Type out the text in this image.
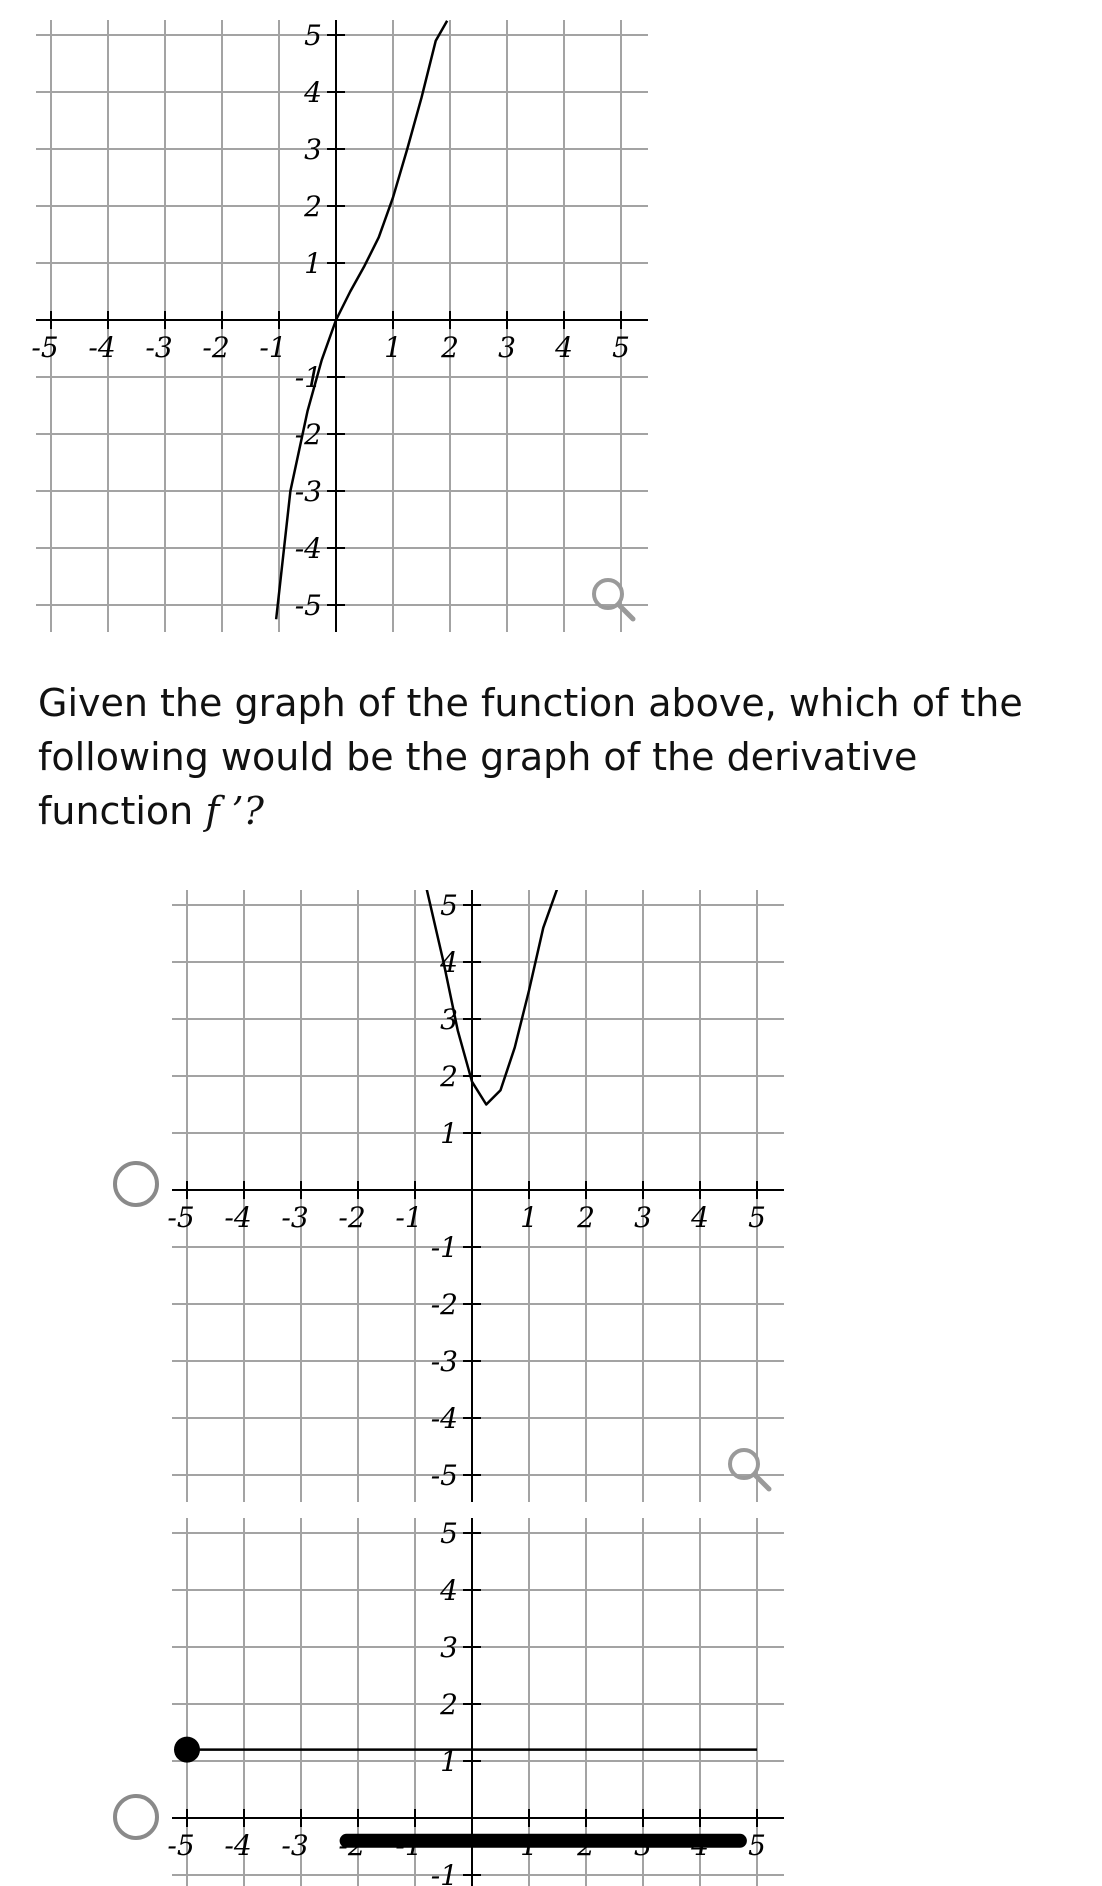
-5 -4 -3 -2 -1	1 2 3 4 5
5
4
3
2
1
-1
-2
-3
-4
-5
Given the graph of the function above, which of the following would be the graph of the derivative function f ’?
-5 -4 -3 -2 -1	1 2 3 4 5
5
4
3
2
1
-1
-2
-3
-4
-5
-5 -4 -3 -2 -1	1 2 3 4 5
5
4
3
2
1
-1
